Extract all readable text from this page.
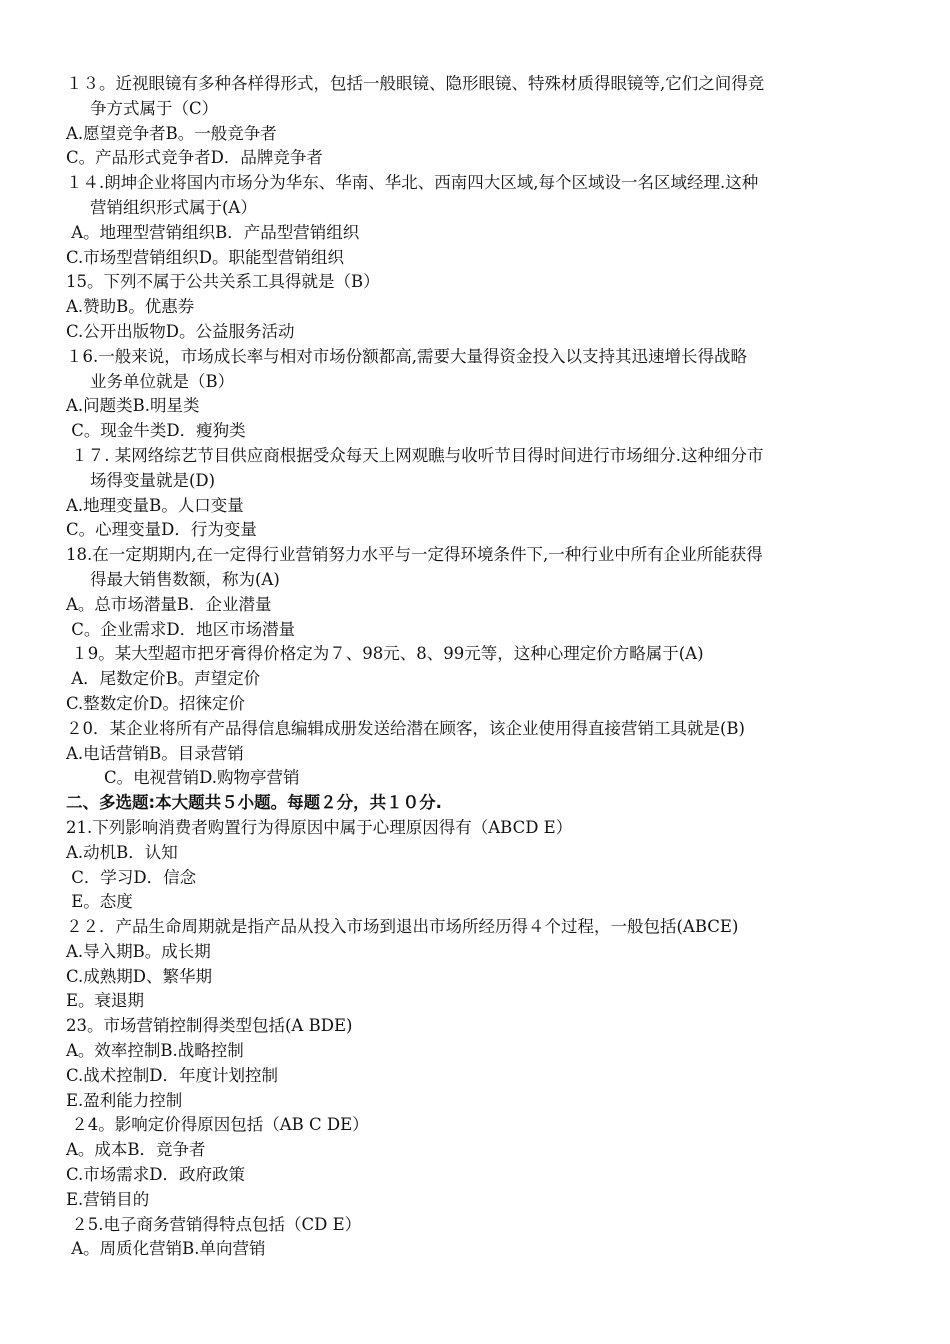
１３。近视眼镜有多种各样得形式，包括一般眼镜、隐形眼镜、特殊材质得眼镜等,它们之间得竞

争方式属于（C）

A.愿望竞争者B。一般竞争者

C。产品形式竞争者D．品牌竞争者

１４.朗坤企业将国内市场分为华东、华南、华北、西南四大区域,每个区域设一名区域经理.这种

营销组织形式属于(A）

A。地理型营销组织B．产品型营销组织

C.市场型营销组织D。职能型营销组织

15。下列不属于公共关系工具得就是（B）

A.赞助B。优惠券

C.公开出版物D。公益服务活动

１6.一般来说，市场成长率与相对市场份额都高,需要大量得资金投入以支持其迅速增长得战略

业务单位就是（B）

A.问题类B.明星类

C。现金牛类D．瘦狗类

１７. 某网络综艺节目供应商根据受众每天上网观瞧与收听节目得时间进行市场细分.这种细分市

场得变量就是(D)

A.地理变量B。人口变量

C。心理变量D．行为变量

18.在一定期期内,在一定得行业营销努力水平与一定得环境条件下,一种行业中所有企业所能获得

得最大销售数额，称为(A)

A。总市场潜量B．企业潜量

C。企业需求D．地区市场潜量

１9。某大型超市把牙膏得价格定为７、98元、8、99元等，这种心理定价方略属于(A)

A．尾数定价B。声望定价

C.整数定价D。招徕定价

２0．某企业将所有产品得信息编辑成册发送给潜在顾客，该企业使用得直接营销工具就是(B)

A.电话营销B。目录营销

C。电视营销D.购物亭营销

二、多选题:本大题共５小题。每题２分，共１０分.

21.下列影响消费者购置行为得原因中属于心理原因得有（ABCD E）

A.动机B．认知

C．学习D．信念

E。态度

２２．产品生命周期就是指产品从投入市场到退出市场所经历得４个过程，一般包括(ABCE)

A.导入期B。成长期

C.成熟期D、繁华期

E。衰退期

23。市场营销控制得类型包括(A BDE)

A。效率控制B.战略控制

C.战术控制D．年度计划控制

E.盈利能力控制

２4。影响定价得原因包括（AB C DE）

A。成本B．竞争者

C.市场需求D．政府政策

E.营销目的

２5.电子商务营销得特点包括（CD E）

A。周质化营销B.单向营销
